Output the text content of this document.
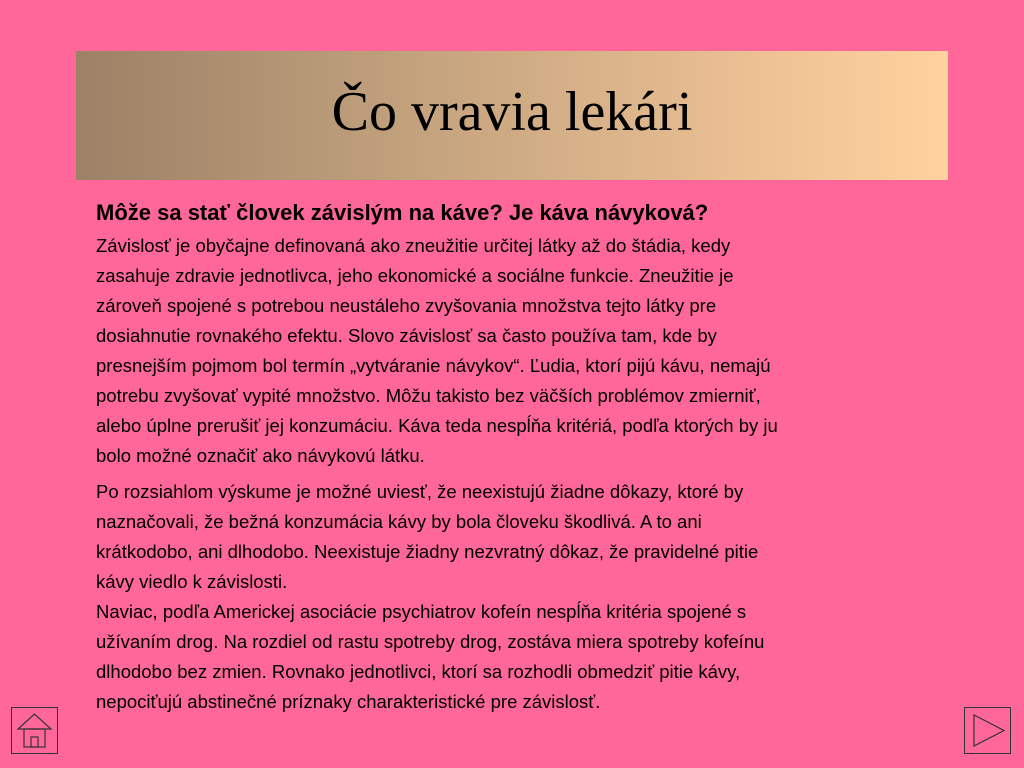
Čo vravia lekári
Môže sa stať človek závislým na káve? Je káva návyková?

Závislosť je obyčajne definovaná ako zneužitie určitej látky až do štádia, kedy
zasahuje zdravie jednotlivca, jeho ekonomické a sociálne funkcie. Zneužitie je
zároveň spojené s potrebou neustáleho zvyšovania množstva tejto látky pre
dosiahnutie rovnakého efektu. Slovo závislosť sa často používa tam, kde by
presnejším pojmom bol termín „vytváranie návykov“. Ľudia, ktorí pijú kávu, nemajú
potrebu zvyšovať vypité množstvo. Môžu takisto bez väčších problémov zmierniť,
alebo úplne prerušiť jej konzumáciu. Káva teda nespĺňa kritériá, podľa ktorých by ju
bolo možné označiť ako návykovú látku.

Po rozsiahlom výskume je možné uviesť, že neexistujú žiadne dôkazy, ktoré by
naznačovali, že bežná konzumácia kávy by bola človeku škodlivá. A to ani
krátkodobo, ani dlhodobo. Neexistuje žiadny nezvratný dôkaz, že pravidelné pitie
kávy viedlo k závislosti.
Naviac, podľa Americkej asociácie psychiatrov kofeín nespĺňa kritéria spojené s
užívaním drog. Na rozdiel od rastu spotreby drog, zostáva miera spotreby kofeínu
dlhodobo bez zmien. Rovnako jednotlivci, ktorí sa rozhodli obmedziť pitie kávy,
nepociťujú abstinečné príznaky charakteristické pre závislosť.
